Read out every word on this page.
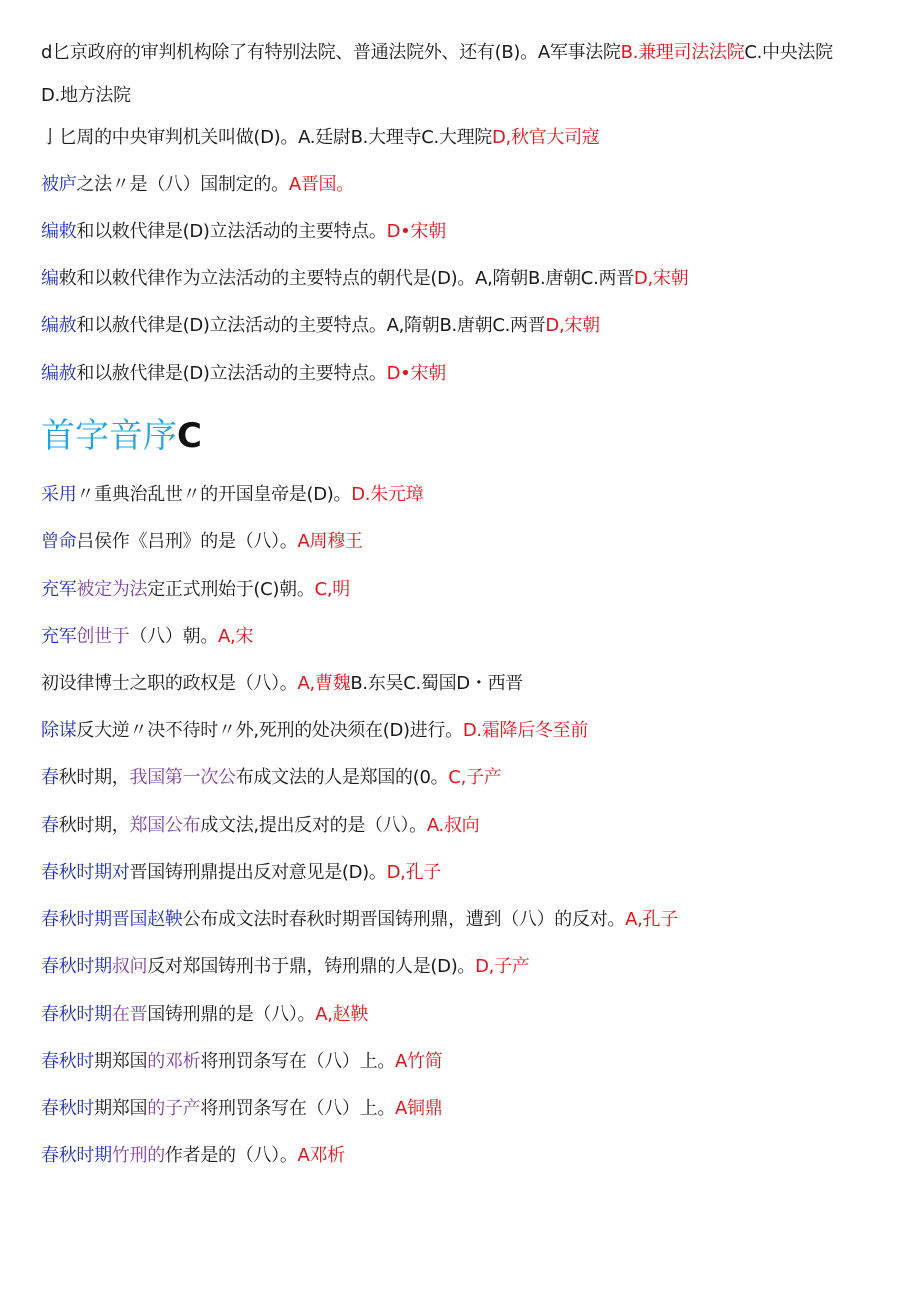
d匕京政府的审判机构除了有特别法院、普通法院外、还有(B)。A军事法院B.兼理司法法院C.中央法院
D.地方法院
亅匕周的中央审判机关叫做(D)。A.廷尉B.大理寺C.大理院D,秋官大司寇
被庐之法〃是（八）国制定的。A晋国。
编敕和以敕代律是(D)立法活动的主要特点。D•宋朝
编敕和以敕代律作为立法活动的主要特点的朝代是(D)。A,隋朝B.唐朝C.两晋D,宋朝
编赦和以赦代律是(D)立法活动的主要特点。A,隋朝B.唐朝C.两晋D,宋朝
编赦和以赦代律是(D)立法活动的主要特点。D•宋朝
首字音序C
采用〃重典治乱世〃的开国皇帝是(D)。D.朱元璋
曾命吕侯作《吕刑》的是（八）。A周穆王
充军被定为法定正式刑始于(C)朝。C,明
充军创世于（八）朝。A,宋
初设律博士之职的政权是（八）。A,曹魏B.东吴C.蜀国D・西晋
除谋反大逆〃决不待时〃外,死刑的处决须在(D)进行。D.霜降后冬至前
春秋时期，我国第一次公布成文法的人是郑国的(0。C,子产
春秋时期，郑国公布成文法,提出反对的是（八）。A.叔向
春秋时期对晋国铸刑鼎提出反对意见是(D)。D,孔子
春秋时期晋国赵鞅公布成文法时春秋时期晋国铸刑鼎，遭到（八）的反对。A,孔子
春秋时期叔问反对郑国铸刑书于鼎，铸刑鼎的人是(D)。D,子产
春秋时期在晋国铸刑鼎的是（八）。A,赵鞅
春秋时期郑国的邓析将刑罚条写在（八）上。A竹简
春秋时期郑国的子产将刑罚条写在（八）上。A铜鼎
春秋时期竹刑的作者是的（八）。A邓析
